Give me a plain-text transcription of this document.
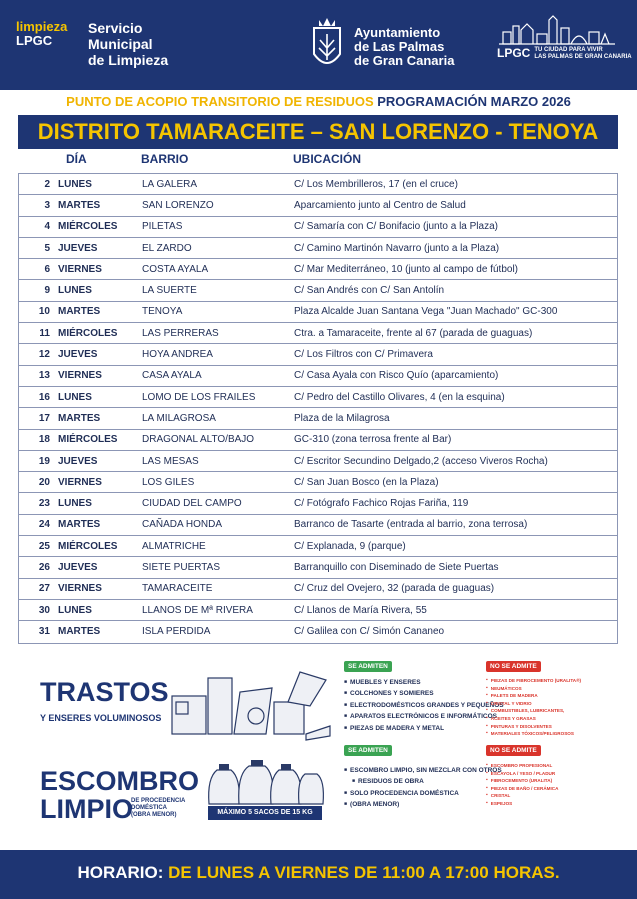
limpieza
LPGC
Servicio
Municipal
de Limpieza
Ayuntamiento
de Las Palmas
de Gran Canaria	LPGC TU CIUDAD PARA VIVIR
LAS PALMAS DE GRAN CANARIA
PUNTO DE ACOPIO TRANSITORIO DE RESIDUOS PROGRAMACIÓN MARZO 2026
DISTRITO TAMARACEITE – SAN LORENZO - TENOYA
DÍA	BARRIO	UBICACIÓN
2 LUNES	LA GALERA	C/ Los Membrilleros, 17 (en el cruce)
3 MARTES	SAN LORENZO	Aparcamiento junto al Centro de Salud
4 MIÉRCOLES	PILETAS	C/ Samaría con C/ Bonifacio (junto a la Plaza)
5 JUEVES	EL ZARDO	C/ Camino Martinón Navarro (junto a la Plaza)
6 VIERNES	COSTA AYALA	C/ Mar Mediterráneo, 10 (junto al campo de fútbol)
9 LUNES	LA SUERTE	C/ San Andrés con C/ San Antolín
10 MARTES	TENOYA	Plaza Alcalde Juan Santana Vega "Juan Machado" GC-300
11 MIÉRCOLES	LAS PERRERAS	Ctra. a Tamaraceite, frente al 67 (parada de guaguas)
12 JUEVES	HOYA ANDREA	C/ Los Filtros con C/ Primavera
13 VIERNES	CASA AYALA	C/ Casa Ayala con Risco Quío (aparcamiento)
16 LUNES	LOMO DE LOS FRAILES	C/ Pedro del Castillo Olivares, 4 (en la esquina)
17 MARTES	LA MILAGROSA	Plaza de la Milagrosa
18 MIÉRCOLES	DRAGONAL ALTO/BAJO	GC-310 (zona terrosa frente al Bar)
19 JUEVES	LAS MESAS	C/ Escritor Secundino Delgado,2 (acceso Viveros Rocha)
20 VIERNES	LOS GILES	C/ San Juan Bosco (en la Plaza)
23 LUNES	CIUDAD DEL CAMPO	C/ Fotógrafo Fachico Rojas Fariña, 119
24 MARTES	CAÑADA HONDA	Barranco de Tasarte (entrada al barrio, zona terrosa)
25 MIÉRCOLES	ALMATRICHE	C/ Explanada, 9 (parque)
26 JUEVES	SIETE PUERTAS	Barranquillo con Diseminado de Siete Puertas
27 VIERNES	TAMARACEITE	C/ Cruz del Ovejero, 32 (parada de guaguas)
30 LUNES	LLANOS DE Mª RIVERA	C/ Llanos de María Rivera, 55
31 MARTES	ISLA PERDIDA	C/ Galilea con C/ Simón Cananeo
TRASTOS
Y ENSERES VOLUMINOSOS
SE ADMITEN
■ MUEBLES Y ENSERES
■ COLCHONES Y SOMIERES
■ ELECTRODOMÉSTICOS GRANDES Y PEQUEÑOS
■ APARATOS ELECTRÓNICOS E INFORMÁTICOS
■ PIEZAS DE MADERA Y METAL
NO SE ADMITE
▪ PIEZAS DE FIBROCEMENTO (URALITA®)
▪ NEUMÁTICOS
▪ PALETS DE MADERA
▪ CRISTAL Y VIDRIO
▪ COMBUSTIBLES, LUBRICANTES,
▪ ACEITES Y GRASAS
▪ PINTURAS Y DISOLVENTES
▪ MATERIALES TÓXICOS/PELIGROSOS
ESCOMBRO
LIMPIO
DE PROCEDENCIA
DOMÉSTICA
(OBRA MENOR)	MÁXIMO 5 SACOS DE 15 KG
SE ADMITEN
■ ESCOMBRO LIMPIO, SIN MEZCLAR CON OTROS
■ RESIDUOS DE OBRA
■ SOLO PROCEDENCIA DOMÉSTICA
■ (OBRA MENOR)
NO SE ADMITE
▪ ESCOMBRO PROFESIONAL
▪ ESCAYOLA / YESO / PLADUR
▪ FIBROCEMENTO (URALITA)
▪ PIEZAS DE BAÑO / CERÁMICA
▪ CRISTAL
▪ ESPEJOS
HORARIO: DE LUNES A VIERNES DE 11:00 A 17:00 HORAS.
